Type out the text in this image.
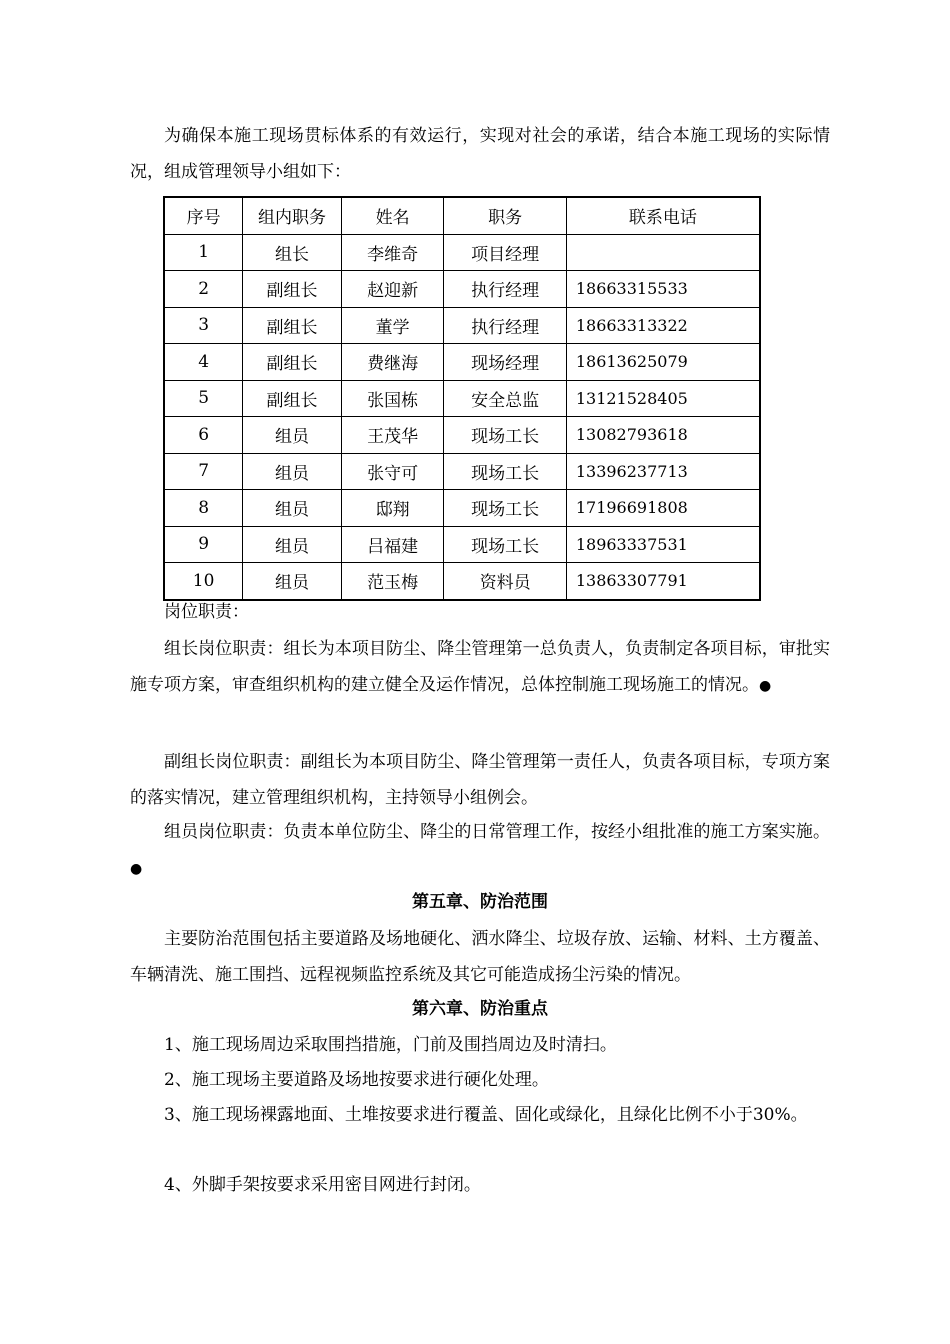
为确保本施工现场贯标体系的有效运行，实现对社会的承诺，结合本施工现场的实际情况，组成管理领导小组如下：

序号	组内职务	姓名	职务	联系电话
1	组长	李维奇	项目经理	
2	副组长	赵迎新	执行经理	18663315533
3	副组长	董学	执行经理	18663313322
4	副组长	费继海	现场经理	18613625079
5	副组长	张国栋	安全总监	13121528405
6	组员	王茂华	现场工长	13082793618
7	组员	张守可	现场工长	13396237713
8	组员	邸翔	现场工长	17196691808
9	组员	吕福建	现场工长	18963337531
10	组员	范玉梅	资料员	13863307791

岗位职责：

组长岗位职责：组长为本项目防尘、降尘管理第一总负责人，负责制定各项目标，审批实施专项方案，审查组织机构的建立健全及运作情况，总体控制施工现场施工的情况。●

副组长岗位职责：副组长为本项目防尘、降尘管理第一责任人，负责各项目标，专项方案的落实情况，建立管理组织机构，主持领导小组例会。

组员岗位职责：负责本单位防尘、降尘的日常管理工作，按经小组批准的施工方案实施。●

第五章、防治范围

主要防治范围包括主要道路及场地硬化、洒水降尘、垃圾存放、运输、材料、土方覆盖、车辆清洗、施工围挡、远程视频监控系统及其它可能造成扬尘污染的情况。

第六章、防治重点

1、施工现场周边采取围挡措施，门前及围挡周边及时清扫。

2、施工现场主要道路及场地按要求进行硬化处理。

3、施工现场裸露地面、土堆按要求进行覆盖、固化或绿化，且绿化比例不小于30%。

4、外脚手架按要求采用密目网进行封闭。
